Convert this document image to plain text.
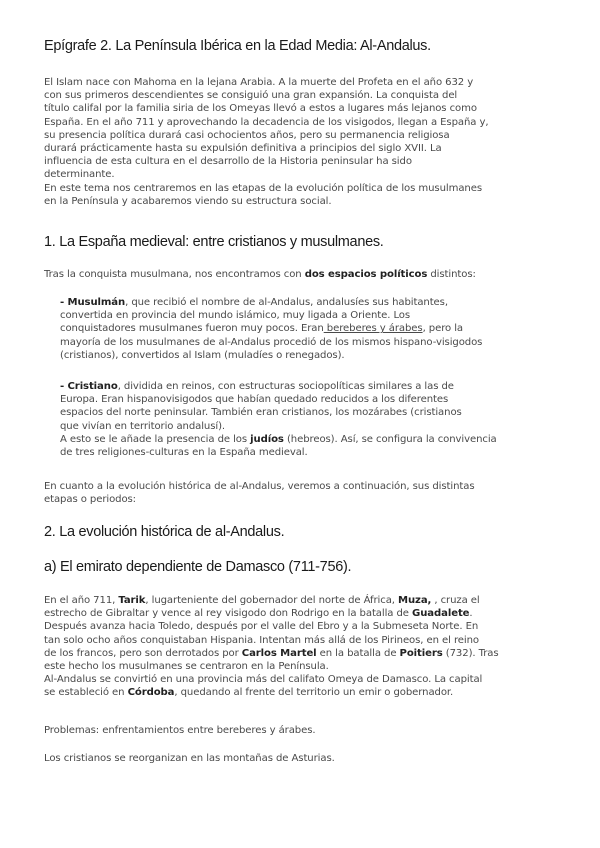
Epígrafe 2. La Península Ibérica en la Edad Media: Al-Andalus.

El Islam nace con Mahoma en la lejana Arabia. A la muerte del Profeta en el año 632 y
con sus primeros descendientes se consiguió una gran expansión. La conquista del
título califal por la familia siria de los Omeyas llevó a estos a lugares más lejanos como
España. En el año 711 y aprovechando la decadencia de los visigodos, llegan a España y,
su presencia política durará casi ochocientos años, pero su permanencia religiosa
durará prácticamente hasta su expulsión definitiva a principios del siglo XVII. La
influencia de esta cultura en el desarrollo de la Historia peninsular ha sido
determinante.
En este tema nos centraremos en las etapas de la evolución política de los musulmanes
en la Península y acabaremos viendo su estructura social.

1. La España medieval: entre cristianos y musulmanes.

Tras la conquista musulmana, nos encontramos con dos espacios políticos distintos:

- Musulmán, que recibió el nombre de al-Andalus, andalusíes sus habitantes,
convertida en provincia del mundo islámico, muy ligada a Oriente. Los
conquistadores musulmanes fueron muy pocos. Eran bereberes y árabes, pero la
mayoría de los musulmanes de al-Andalus procedió de los mismos hispano-visigodos
(cristianos), convertidos al Islam (muladíes o renegados).

- Cristiano, dividida en reinos, con estructuras sociopolíticas similares a las de
Europa. Eran hispanovisigodos que habían quedado reducidos a los diferentes
espacios del norte peninsular. También eran cristianos, los mozárabes (cristianos
que vivían en territorio andalusí).
A esto se le añade la presencia de los judíos (hebreos). Así, se configura la convivencia
de tres religiones-culturas en la España medieval.

En cuanto a la evolución histórica de al-Andalus, veremos a continuación, sus distintas
etapas o periodos:

2. La evolución histórica de al-Andalus.
a) El emirato dependiente de Damasco (711-756).

En el año 711, Tarik, lugarteniente del gobernador del norte de África, Muza, , cruza el
estrecho de Gibraltar y vence al rey visigodo don Rodrigo en la batalla de Guadalete.
Después avanza hacia Toledo, después por el valle del Ebro y a la Submeseta Norte. En
tan solo ocho años conquistaban Hispania. Intentan más allá de los Pirineos, en el reino
de los francos, pero son derrotados por Carlos Martel en la batalla de Poitiers (732). Tras
este hecho los musulmanes se centraron en la Península.
Al-Andalus se convirtió en una provincia más del califato Omeya de Damasco. La capital
se estableció en Córdoba, quedando al frente del territorio un emir o gobernador.

Problemas: enfrentamientos entre bereberes y árabes.

Los cristianos se reorganizan en las montañas de Asturias.
